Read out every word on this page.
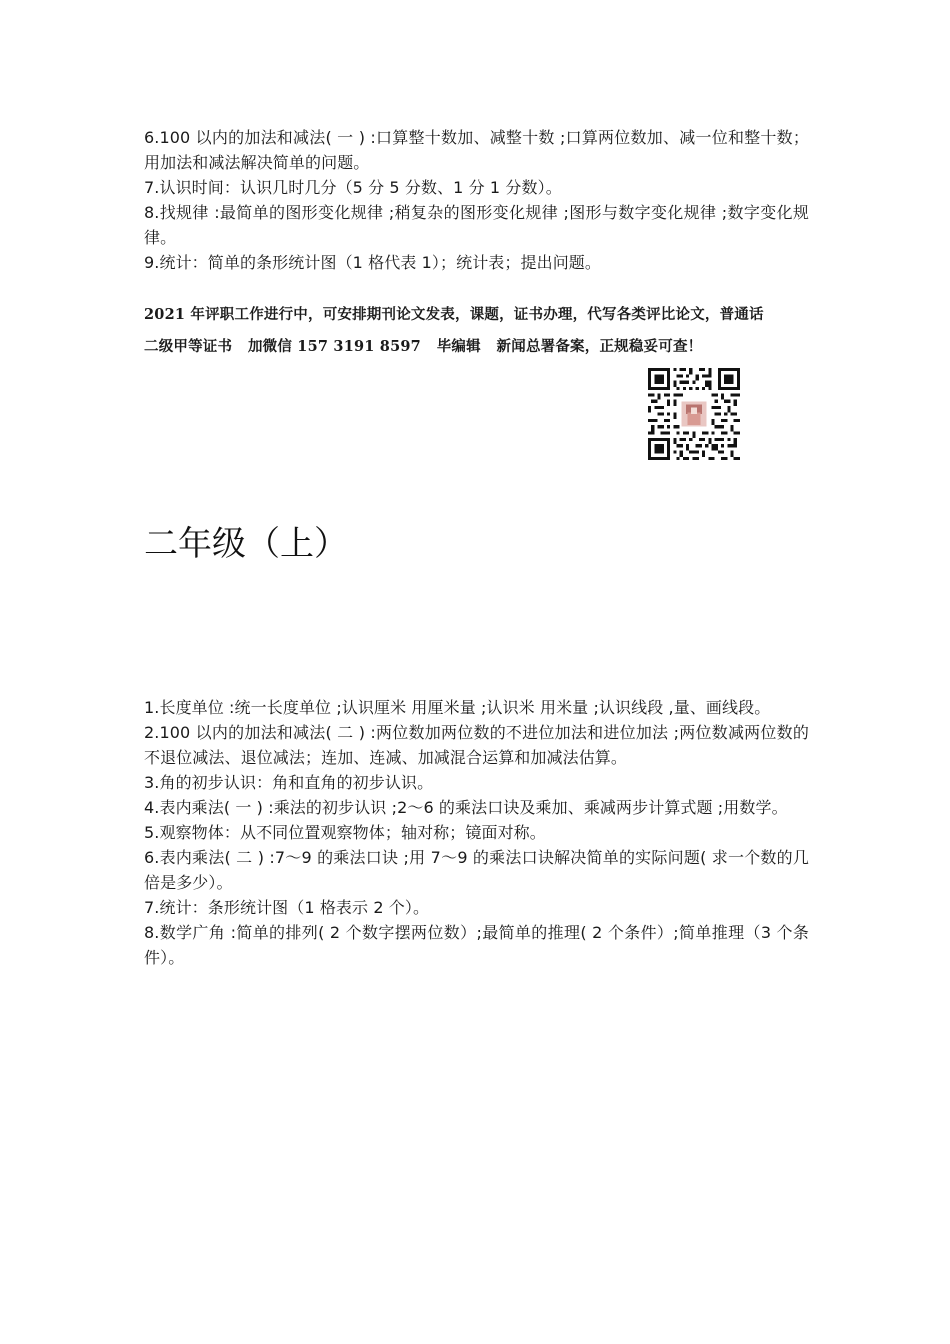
6.100 以内的加法和减法( 一 ) :口算整十数加、减整十数 ;口算两位数加、减一位和整十数；用加法和减法解决简单的问题。

7.认识时间：认识几时几分（5 分 5 分数、1 分 1 分数）。

8.找规律 :最简单的图形变化规律 ;稍复杂的图形变化规律 ;图形与数字变化规律 ;数字变化规律。

9.统计：简单的条形统计图（1 格代表 1）；统计表；提出问题。

2021 年评职工作进行中，可安排期刊论文发表，课题，证书办理，代写各类评比论文，普通话

二级甲等证书   加微信 157 3191 8597   毕编辑   新闻总署备案，正规稳妥可查！

二年级（上）

1.长度单位 :统一长度单位 ;认识厘米 用厘米量 ;认识米 用米量 ;认识线段 ,量、画线段。

2.100 以内的加法和减法( 二 ) :两位数加两位数的不进位加法和进位加法 ;两位数减两位数的不退位减法、退位减法；连加、连减、加减混合运算和加减法估算。

3.角的初步认识：角和直角的初步认识。

4.表内乘法( 一 ) :乘法的初步认识 ;2～6 的乘法口诀及乘加、乘减两步计算式题 ;用数学。

5.观察物体：从不同位置观察物体；轴对称；镜面对称。

6.表内乘法( 二 ) :7～9 的乘法口诀 ;用 7～9 的乘法口诀解决简单的实际问题( 求一个数的几倍是多少）。

7.统计：条形统计图（1 格表示 2 个）。

8.数学广角 :简单的排列( 2 个数字摆两位数）;最简单的推理( 2 个条件）;简单推理（3 个条件）。
